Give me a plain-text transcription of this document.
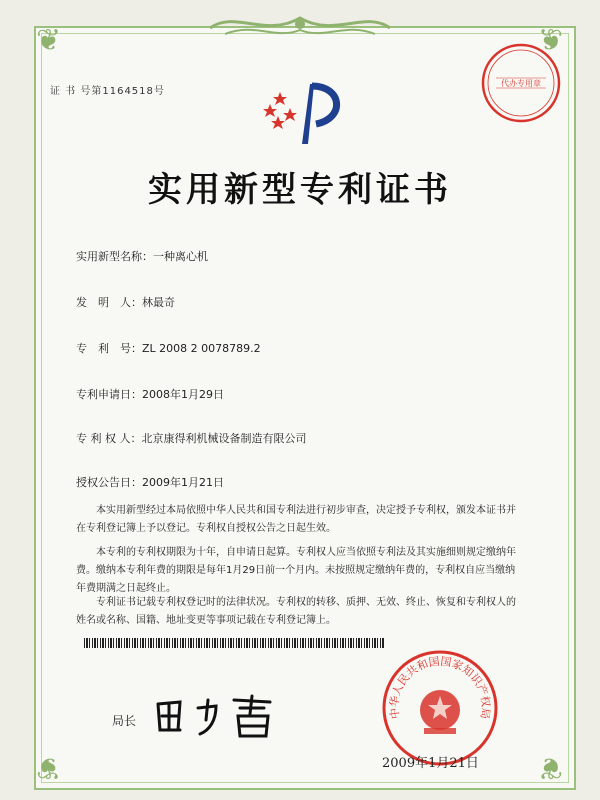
❦	❦
❦	❦
证 书 号第1164518号
实用新型专利证书
实用新型名称：一种离心机
发　明　人：林最奇
专　利　号：ZL 2008 2 0078789.2
专利申请日：2008年1月29日
专 利 权 人：北京康得利机械设备制造有限公司
授权公告日：2009年1月21日
本实用新型经过本局依照中华人民共和国专利法进行初步审查，决定授予专利权，颁发本证书并在专利登记簿上予以登记。专利权自授权公告之日起生效。
本专利的专利权期限为十年，自申请日起算。专利权人应当依照专利法及其实施细则规定缴纳年费。缴纳本专利年费的期限是每年1月29日前一个月内。未按照规定缴纳年费的，专利权自应当缴纳年费期满之日起终止。
专利证书记载专利权登记时的法律状况。专利权的转移、质押、无效、终止、恢复和专利权人的姓名或名称、国籍、地址变更等事项记载在专利登记簿上。
局长
代办专用章
中华人民共和国国家知识产权局
2009年1月21日
